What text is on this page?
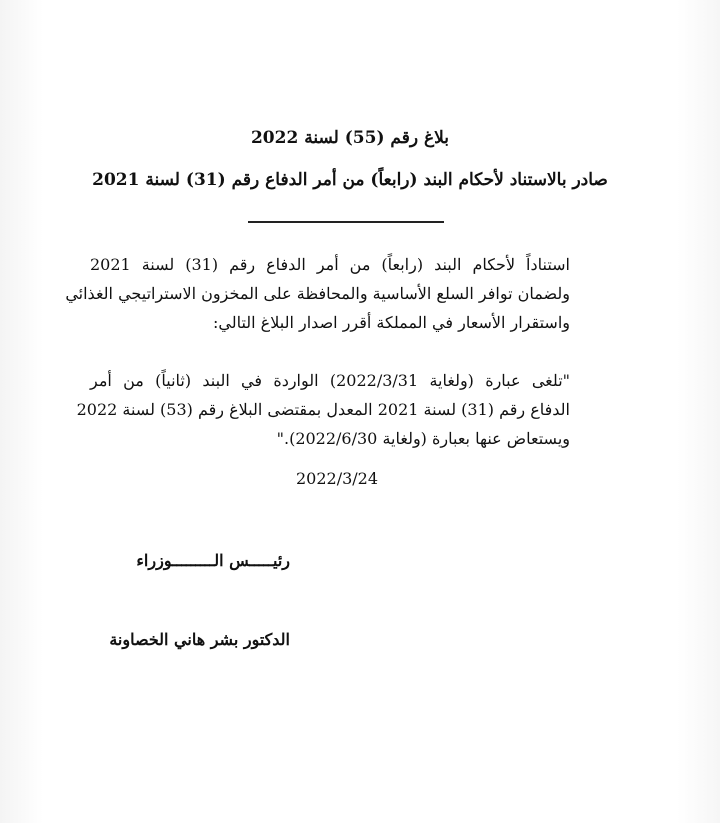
بلاغ رقم (55) لسنة 2022
صادر بالاستناد لأحكام البند (رابعاً) من أمر الدفاع رقم (31) لسنة 2021
استناداً لأحكام البند (رابعاً) من أمر الدفاع رقم (31) لسنة 2021
ولضمان توافر السلع الأساسية والمحافظة على المخزون الاستراتيجي الغذائي
واستقرار الأسعار في المملكة أقرر اصدار البلاغ التالي:
"تلغى عبارة (ولغاية 2022/3/31) الواردة في البند (ثانياً) من أمر
الدفاع رقم (31) لسنة 2021 المعدل بمقتضى البلاغ رقم (53) لسنة 2022
ويستعاض عنها بعبارة (ولغاية 2022/6/30)."
2022/3/24
رئيـــــس الـــــــــوزراء
الدكتور بشر هاني الخصاونة
